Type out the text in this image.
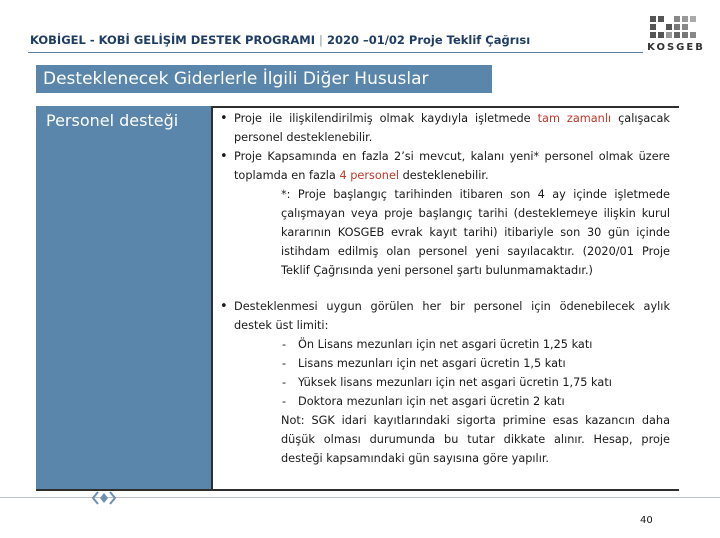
KOBİGEL - KOBİ GELİŞİM DESTEK PROGRAMI | 2020 –01/02 Proje Teklif Çağrısı
KOSGEB
Desteklenecek Giderlerle İlgili Diğer Hususlar
Personel desteği	• Proje ile ilişkilendirilmiş olmak kaydıyla işletmede tam zamanlı çalışacak personel desteklenebilir.
• Proje Kapsamında en fazla 2’si mevcut, kalanı yeni* personel olmak üzere toplamda en fazla 4 personel desteklenebilir.
*: Proje başlangıç tarihinden itibaren son 4 ay içinde işletmede çalışmayan veya proje başlangıç tarihi (desteklemeye ilişkin kurul kararının KOSGEB evrak kayıt tarihi) itibariyle son 30 gün içinde istihdam edilmiş olan personel yeni sayılacaktır. (2020/01 Proje Teklif Çağrısında yeni personel şartı bulunmamaktadır.)
• Desteklenmesi uygun görülen her bir personel için ödenebilecek aylık destek üst limiti:
- Ön Lisans mezunları için net asgari ücretin 1,25 katı
- Lisans mezunları için net asgari ücretin 1,5 katı
- Yüksek lisans mezunları için net asgari ücretin 1,75 katı
- Doktora mezunları için net asgari ücretin 2 katı
Not: SGK idari kayıtlarındaki sigorta primine esas kazancın daha düşük olması durumunda bu tutar dikkate alınır. Hesap, proje desteği kapsamındaki gün sayısına göre yapılır.
40
